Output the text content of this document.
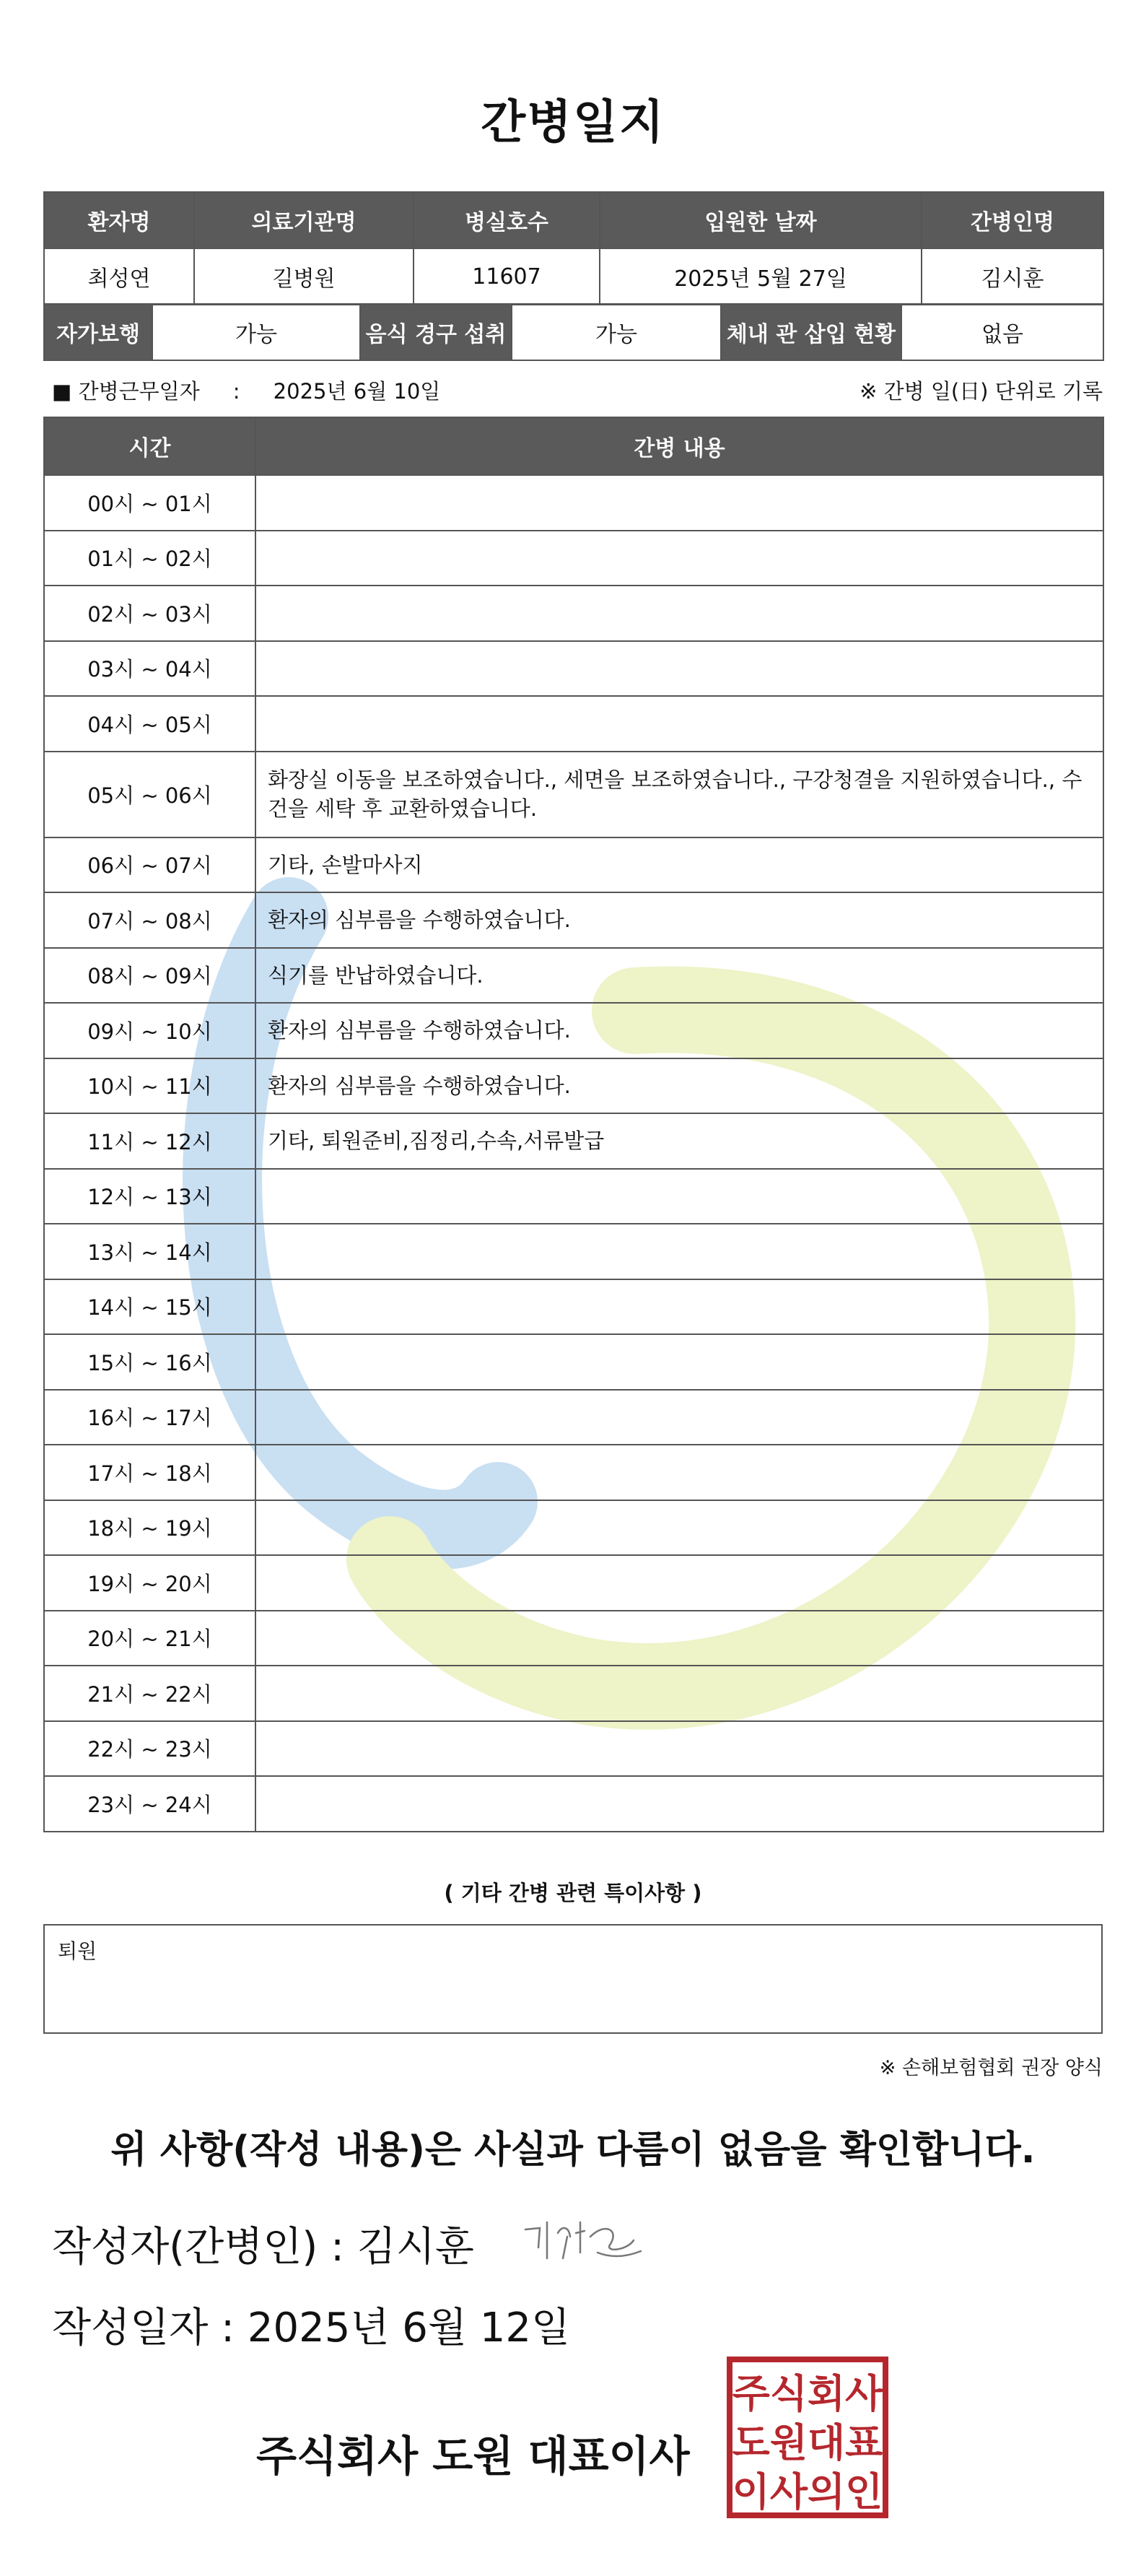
간병일지
환자명	의료기관명	병실호수	입원한 날짜	간병인명
최성연	길병원	11607	2025년 5월 27일	김시훈
자가보행	가능	음식 경구 섭취	가능	체내 관 삽입 현황	없음
■ 간병근무일자 : 2025년 6월 10일	※ 간병 일(日) 단위로 기록
시간	간병 내용
00시 ~ 01시	
01시 ~ 02시	
02시 ~ 03시	
03시 ~ 04시	
04시 ~ 05시	
05시 ~ 06시	화장실 이동을 보조하였습니다., 세면을 보조하였습니다., 구강청결을 지원하였습니다., 수건을 세탁 후 교환하였습니다.
06시 ~ 07시	기타, 손발마사지
07시 ~ 08시	환자의 심부름을 수행하였습니다.
08시 ~ 09시	식기를 반납하였습니다.
09시 ~ 10시	환자의 심부름을 수행하였습니다.
10시 ~ 11시	환자의 심부름을 수행하였습니다.
11시 ~ 12시	기타, 퇴원준비,짐정리,수속,서류발급
12시 ~ 13시	
13시 ~ 14시	
14시 ~ 15시	
15시 ~ 16시	
16시 ~ 17시	
17시 ~ 18시	
18시 ~ 19시	
19시 ~ 20시	
20시 ~ 21시	
21시 ~ 22시	
22시 ~ 23시	
23시 ~ 24시	
( 기타 간병 관련 특이사항 )
퇴원
※ 손해보험협회 권장 양식
위 사항(작성 내용)은 사실과 다름이 없음을 확인합니다.
작성자(간병인) : 김시훈
작성일자 : 2025년 6월 12일
주식회사 도원 대표이사
주식회사
도원대표
이사의인
